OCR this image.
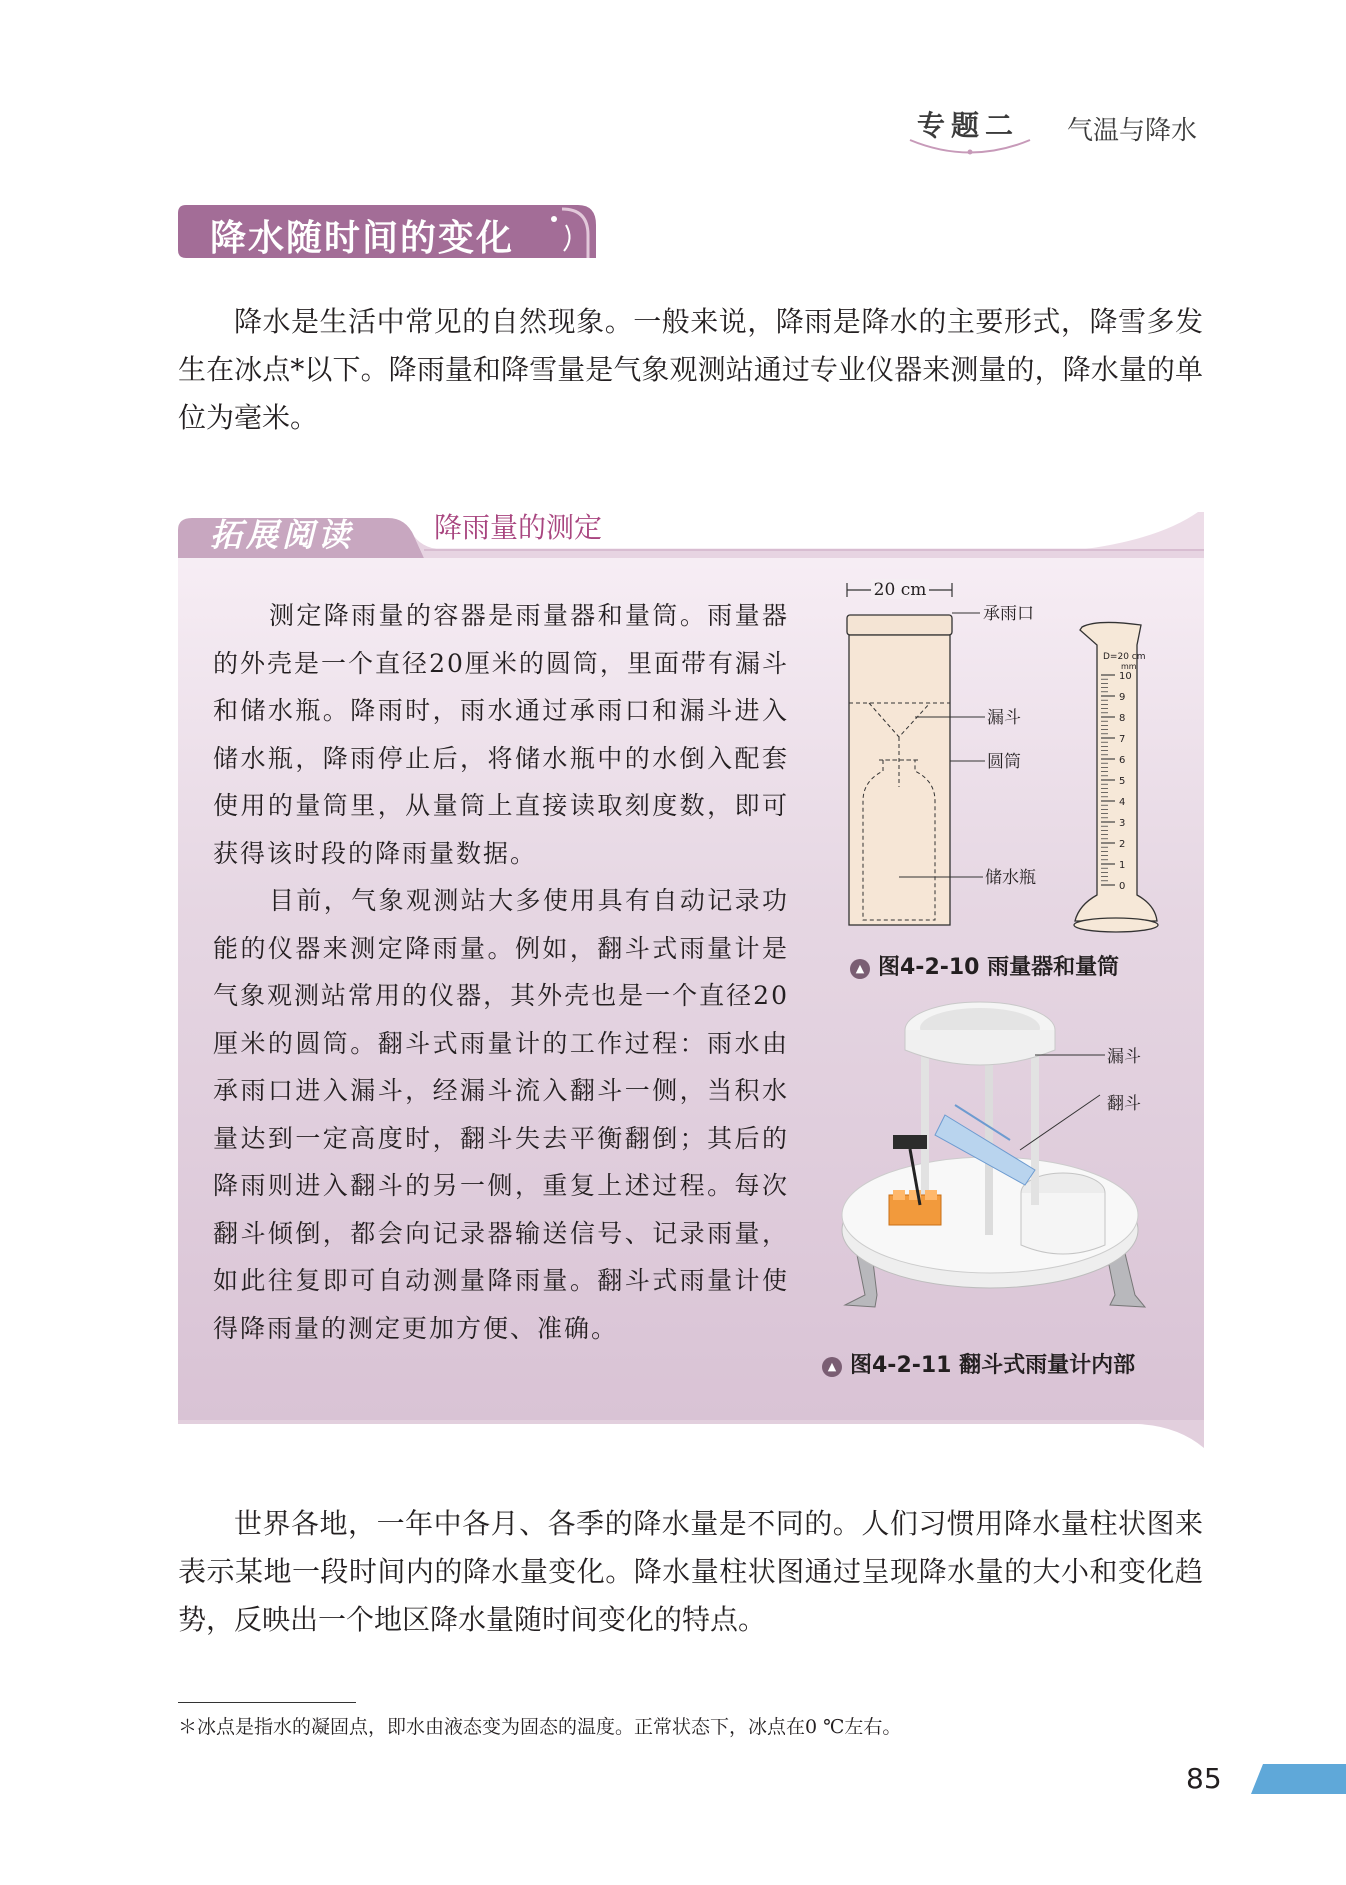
专题二 气温与降水
降水随时间的变化
降水是生活中常见的自然现象。一般来说，降雨是降水的主要形式，降雪多发生在冰点*以下。降雨量和降雪量是气象观测站通过专业仪器来测量的，降水量的单位为毫米。
拓展阅读	降雨量的测定
测定降雨量的容器是雨量器和量筒。雨量器的外壳是一个直径20厘米的圆筒，里面带有漏斗和储水瓶。降雨时，雨水通过承雨口和漏斗进入储水瓶，降雨停止后，将储水瓶中的水倒入配套使用的量筒里，从量筒上直接读取刻度数，即可获得该时段的降雨量数据。
目前，气象观测站大多使用具有自动记录功能的仪器来测定降雨量。例如，翻斗式雨量计是气象观测站常用的仪器，其外壳也是一个直径20厘米的圆筒。翻斗式雨量计的工作过程：雨水由承雨口进入漏斗，经漏斗流入翻斗一侧，当积水量达到一定高度时，翻斗失去平衡翻倒；其后的降雨则进入翻斗的另一侧，重复上述过程。每次翻斗倾倒，都会向记录器输送信号、记录雨量，如此往复即可自动测量降雨量。翻斗式雨量计使得降雨量的测定更加方便、准确。
20 cm
承雨口
漏斗
圆筒
储水瓶
D=20 cm
mm
10
9
8
7
6
5
4
3
2
1
0
▲ 图4-2-10 雨量器和量筒
漏斗
翻斗
▲ 图4-2-11 翻斗式雨量计内部
世界各地，一年中各月、各季的降水量是不同的。人们习惯用降水量柱状图来表示某地一段时间内的降水量变化。降水量柱状图通过呈现降水量的大小和变化趋势，反映出一个地区降水量随时间变化的特点。
＊冰点是指水的凝固点，即水由液态变为固态的温度。正常状态下，冰点在0 ℃左右。
85
